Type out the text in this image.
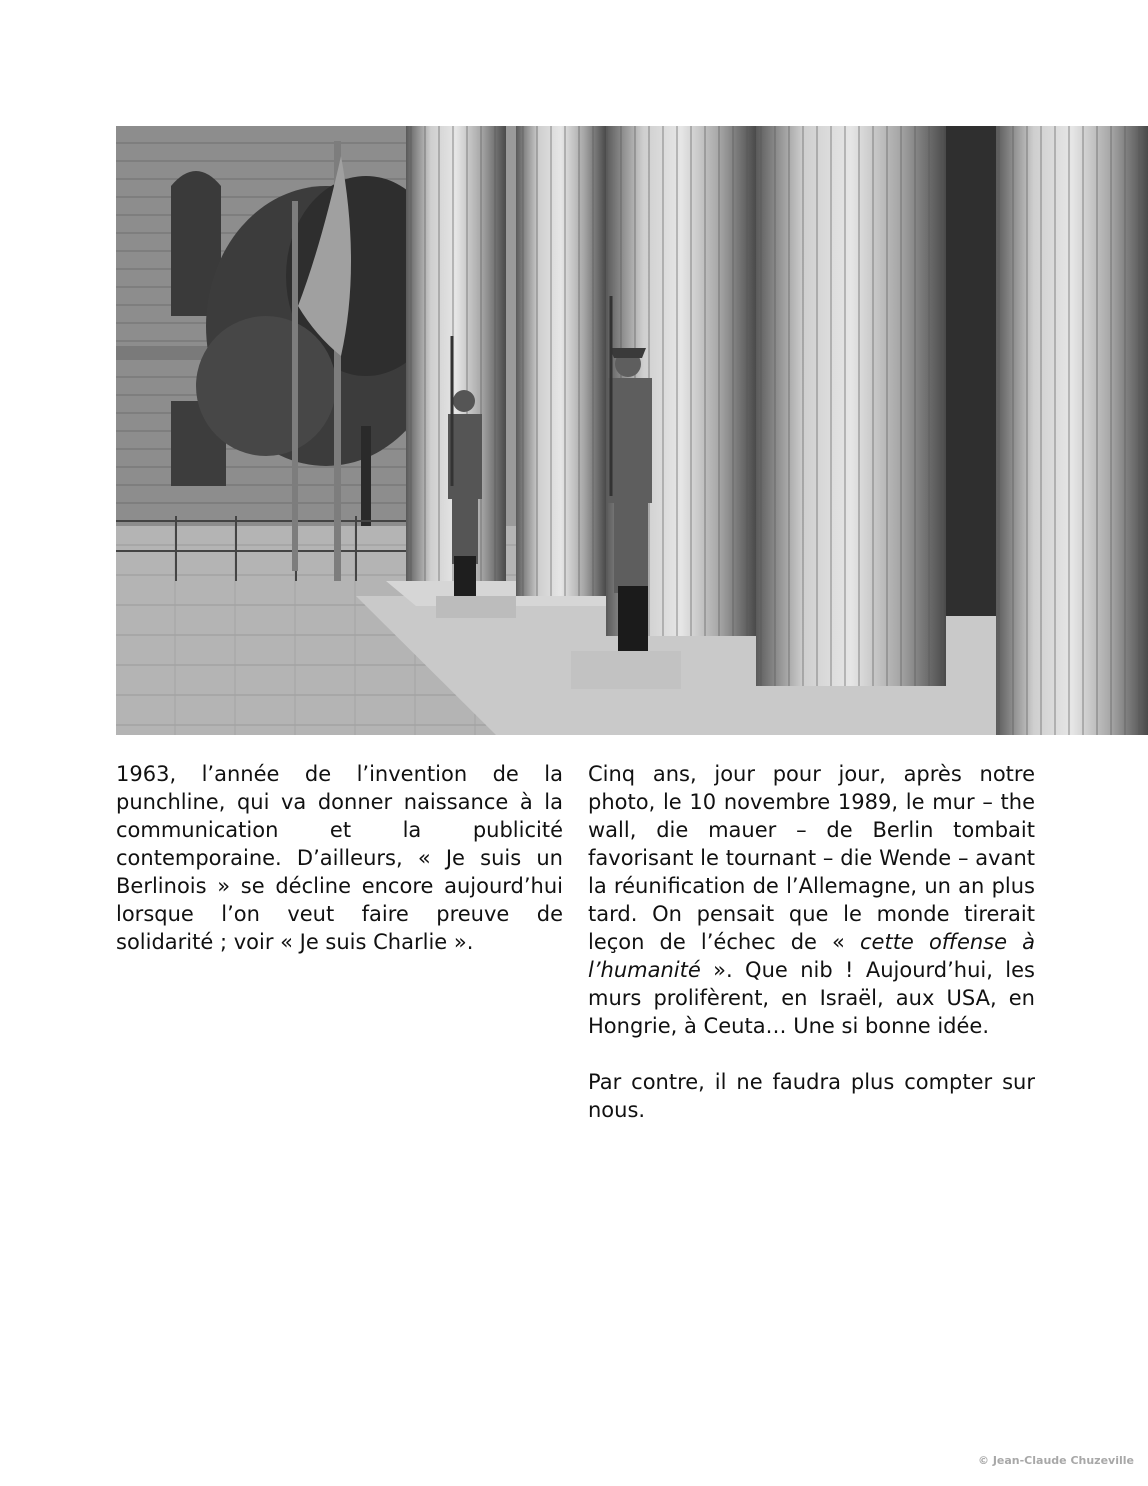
1963, l’année de l’invention de la punchline, qui va donner naissance à la communication et la publicité contemporaine. D’ailleurs, « Je suis un Berlinois » se décline encore aujourd’hui lorsque l’on veut faire preuve de solidarité ; voir « Je suis Charlie ».

Cinq ans, jour pour jour, après notre photo, le 10 novembre 1989, le mur – the wall, die mauer – de Berlin tombait favorisant le tournant – die Wende – avant la réunification de l’Allemagne, un an plus tard. On pensait que le monde tirerait leçon de l’échec de « cette offense à l’humanité ». Que nib ! Aujourd’hui, les murs prolifèrent, en Israël, aux USA, en Hongrie, à Ceuta… Une si bonne idée.

Par contre, il ne faudra plus compter sur nous.

© Jean-Claude Chuzeville
